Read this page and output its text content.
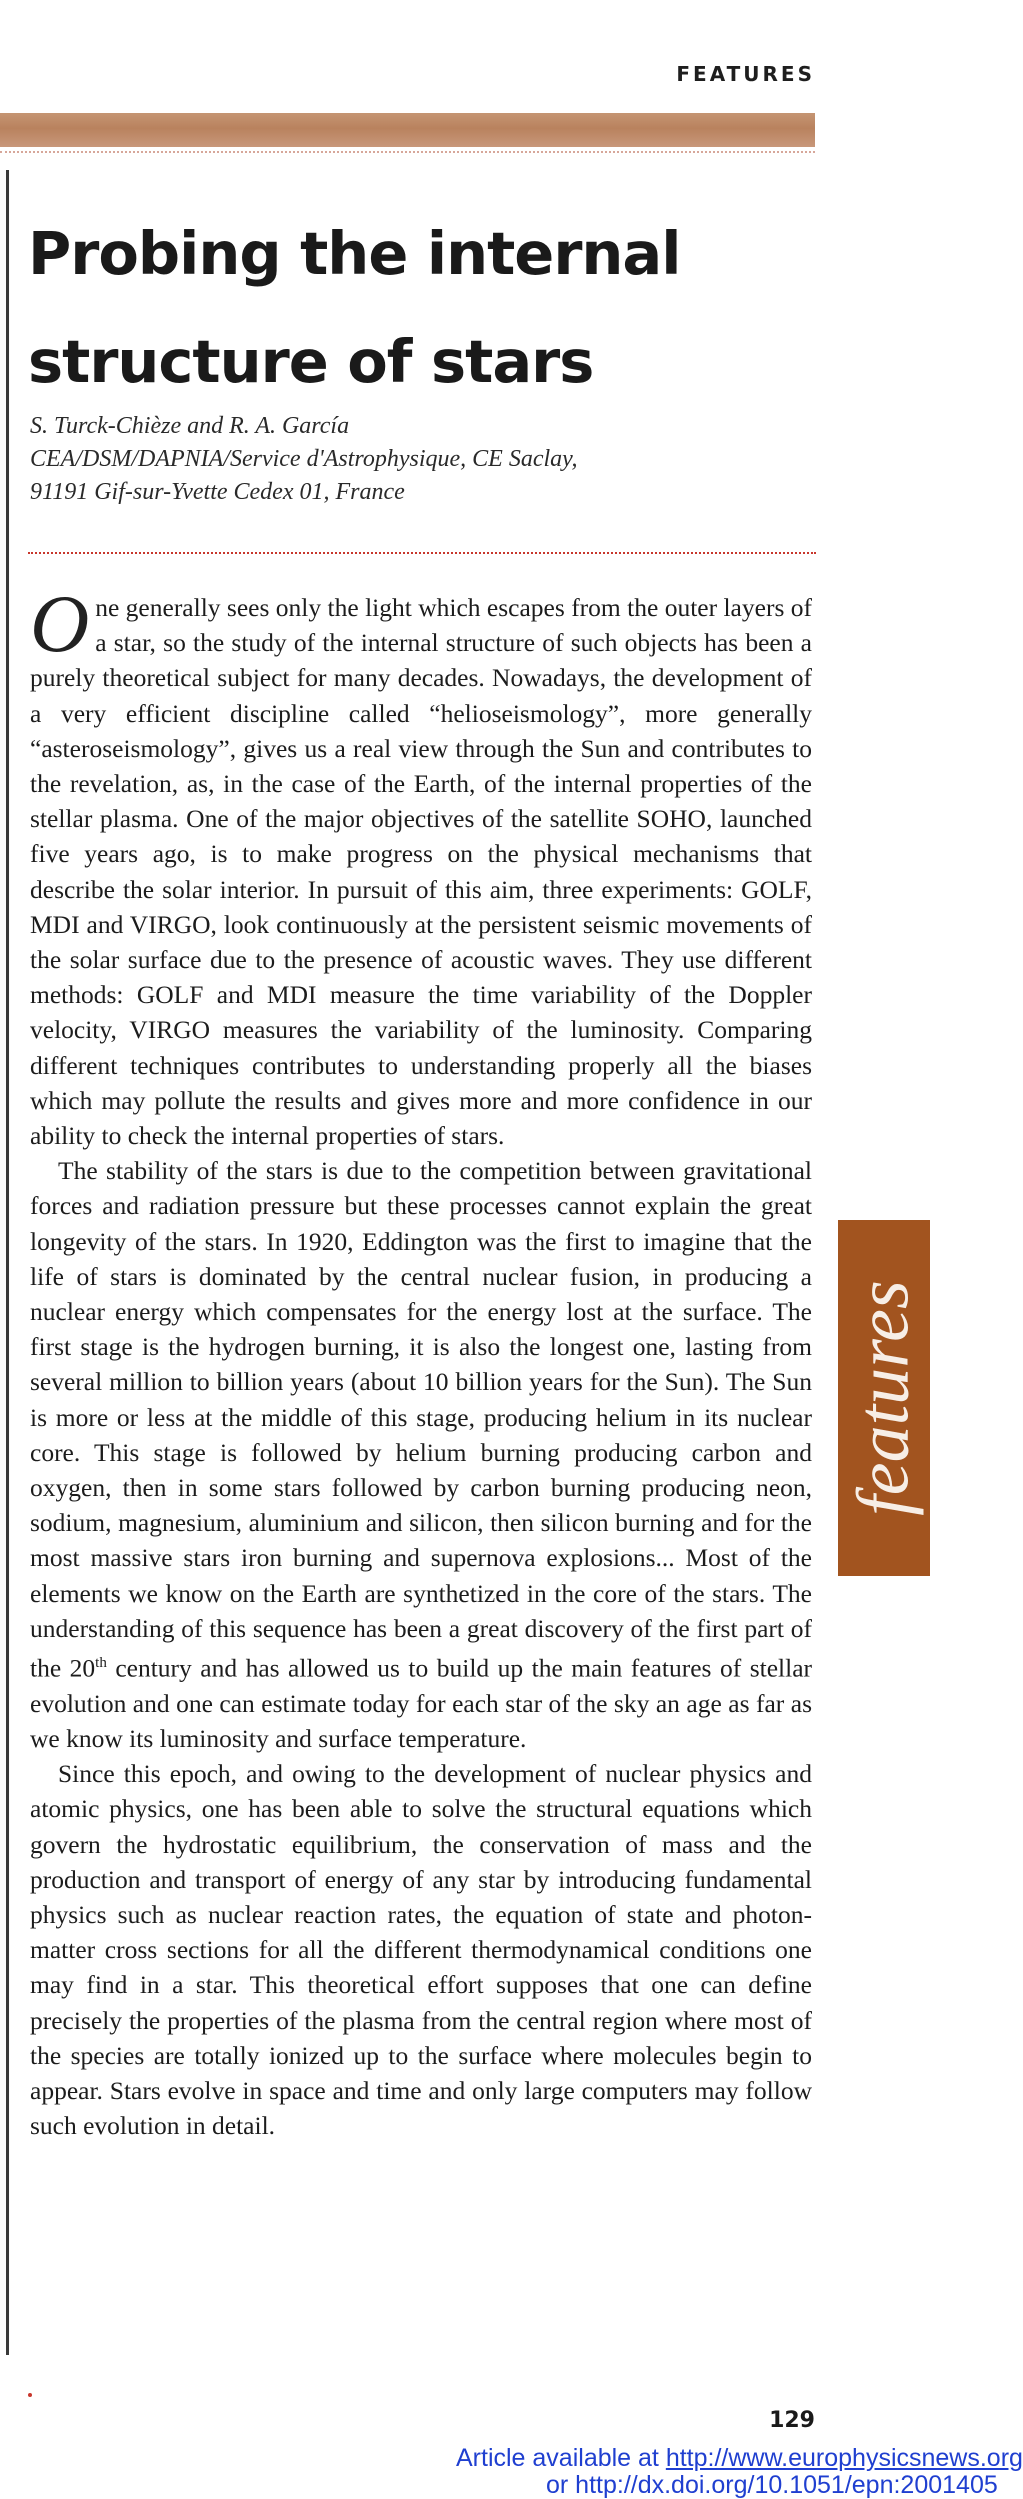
FEATURES
Probing the internal structure of stars
S. Turck-Chièze and R. A. García
CEA/DSM/DAPNIA/Service d'Astrophysique, CE Saclay,
91191 Gif-sur-Yvette Cedex 01, France

One generally sees only the light which escapes from the outer layers of a star, so the study of the internal structure of such objects has been a purely theoretical subject for many decades. Nowadays, the development of a very efficient discipline called “helioseismology”, more generally “asteroseismology”, gives us a real view through the Sun and contributes to the revelation, as, in the case of the Earth, of the internal properties of the stellar plasma. One of the major objectives of the satellite SOHO, launched five years ago, is to make progress on the physical mechanisms that describe the solar interior. In pursuit of this aim, three experiments: GOLF, MDI and VIRGO, look continuously at the persistent seismic movements of the solar surface due to the presence of acoustic waves. They use different methods: GOLF and MDI measure the time variability of the Doppler velocity, VIRGO measures the variability of the luminosity. Comparing different techniques contributes to understanding properly all the biases which may pollute the results and gives more and more confidence in our ability to check the internal properties of stars.

The stability of the stars is due to the competition between gravitational forces and radiation pressure but these processes cannot explain the great longevity of the stars. In 1920, Eddington was the first to imagine that the life of stars is dominated by the central nuclear fusion, in producing a nuclear energy which compensates for the energy lost at the surface. The first stage is the hydrogen burning, it is also the longest one, lasting from several million to billion years (about 10 billion years for the Sun). The Sun is more or less at the middle of this stage, producing helium in its nuclear core. This stage is followed by helium burning producing carbon and oxygen, then in some stars followed by carbon burning producing neon, sodium, magnesium, aluminium and silicon, then silicon burning and for the most massive stars iron burning and supernova explosions... Most of the elements we know on the Earth are synthetized in the core of the stars. The understanding of this sequence has been a great discovery of the first part of the 20th century and has allowed us to build up the main features of stellar evolution and one can estimate today for each star of the sky an age as far as we know its luminosity and surface temperature.

Since this epoch, and owing to the development of nuclear physics and atomic physics, one has been able to solve the structural equations which govern the hydrostatic equilibrium, the conservation of mass and the production and transport of energy of any star by introducing fundamental physics such as nuclear reaction rates, the equation of state and photon-matter cross sections for all the different thermodynamical conditions one may find in a star. This theoretical effort supposes that one can define precisely the properties of the plasma from the central region where most of the species are totally ionized up to the surface where molecules begin to appear. Stars evolve in space and time and only large computers may follow such evolution in detail.

features
129
Article available at http://www.europhysicsnews.org
or http://dx.doi.org/10.1051/epn:2001405
